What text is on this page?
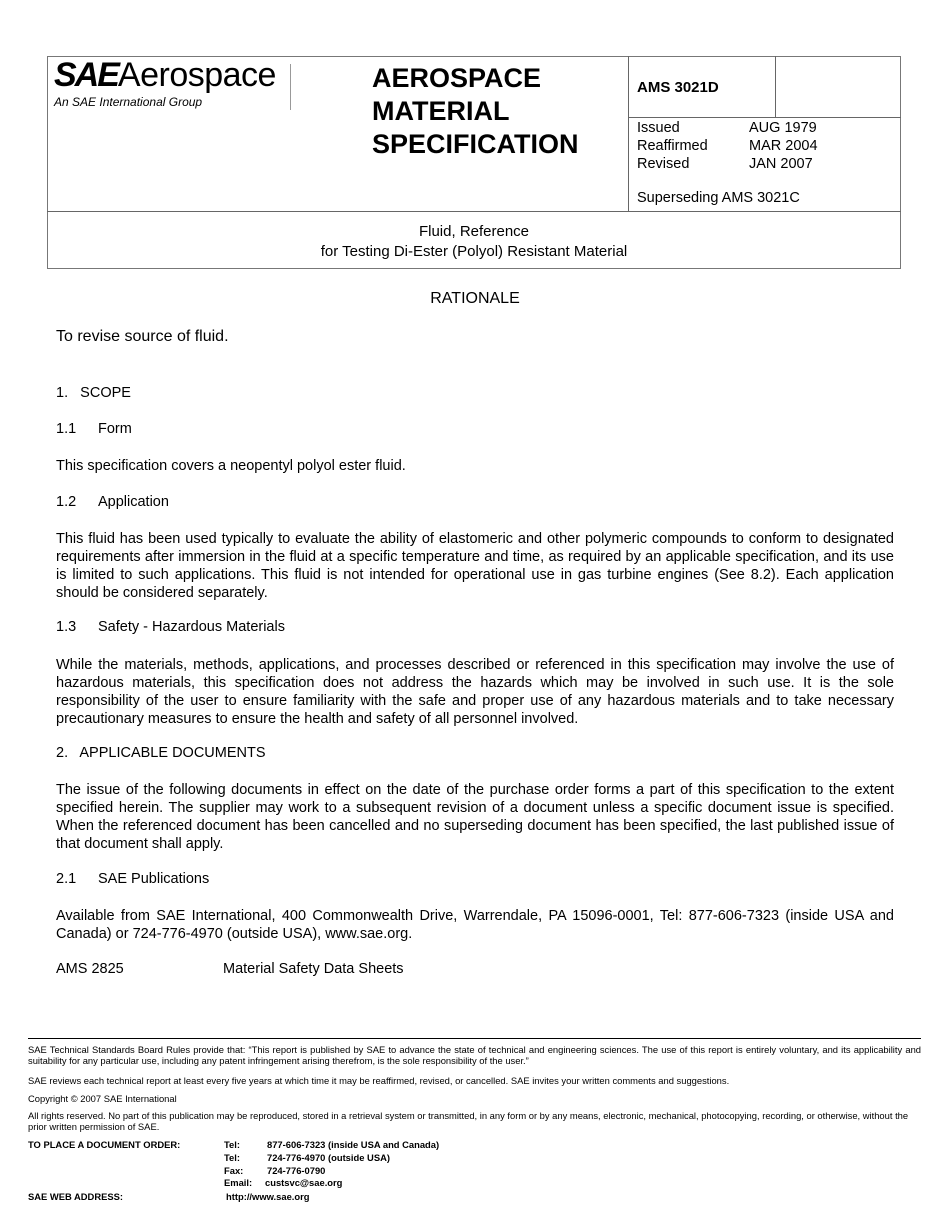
SAEAerospace
An SAE International Group
AEROSPACE
MATERIAL
SPECIFICATION
AMS 3021D
Issued	AUG 1979
Reaffirmed	MAR 2004
Revised	JAN 2007
Superseding AMS 3021C
Fluid, Reference
for Testing Di-Ester (Polyol) Resistant Material
RATIONALE
To revise source of fluid.
1.   SCOPE
1.1 Form
This specification covers a neopentyl polyol ester fluid.
1.2 Application
This fluid has been used typically to evaluate the ability of elastomeric and other polymeric compounds to conform to designated requirements after immersion in the fluid at a specific temperature and time, as required by an applicable specification, and its use is limited to such applications. This fluid is not intended for operational use in gas turbine engines (See 8.2). Each application should be considered separately.
1.3 Safety - Hazardous Materials
While the materials, methods, applications, and processes described or referenced in this specification may involve the use of hazardous materials, this specification does not address the hazards which may be involved in such use. It is the sole responsibility of the user to ensure familiarity with the safe and proper use of any hazardous materials and to take necessary precautionary measures to ensure the health and safety of all personnel involved.
2.   APPLICABLE DOCUMENTS
The issue of the following documents in effect on the date of the purchase order forms a part of this specification to the extent specified herein. The supplier may work to a subsequent revision of a document unless a specific document issue is specified. When the referenced document has been cancelled and no superseding document has been specified, the last published issue of that document shall apply.
2.1 SAE Publications
Available from SAE International, 400 Commonwealth Drive, Warrendale, PA 15096-0001, Tel: 877-606-7323 (inside USA and Canada) or 724-776-4970 (outside USA), www.sae.org.
AMS 2825	Material Safety Data Sheets
SAE Technical Standards Board Rules provide that: “This report is published by SAE to advance the state of technical and engineering sciences. The use of this report is entirely voluntary, and its applicability and suitability for any particular use, including any patent infringement arising therefrom, is the sole responsibility of the user.”
SAE reviews each technical report at least every five years at which time it may be reaffirmed, revised, or cancelled. SAE invites your written comments and suggestions.
Copyright © 2007 SAE International
All rights reserved. No part of this publication may be reproduced, stored in a retrieval system or transmitted, in any form or by any means, electronic, mechanical, photocopying, recording, or otherwise, without the prior written permission of SAE.
TO PLACE A DOCUMENT ORDER:	Tel:	877-606-7323 (inside USA and Canada)
Tel:	724-776-4970 (outside USA)
Fax:	724-776-0790
Email: custsvc@sae.org
SAE WEB ADDRESS:	http://www.sae.org
